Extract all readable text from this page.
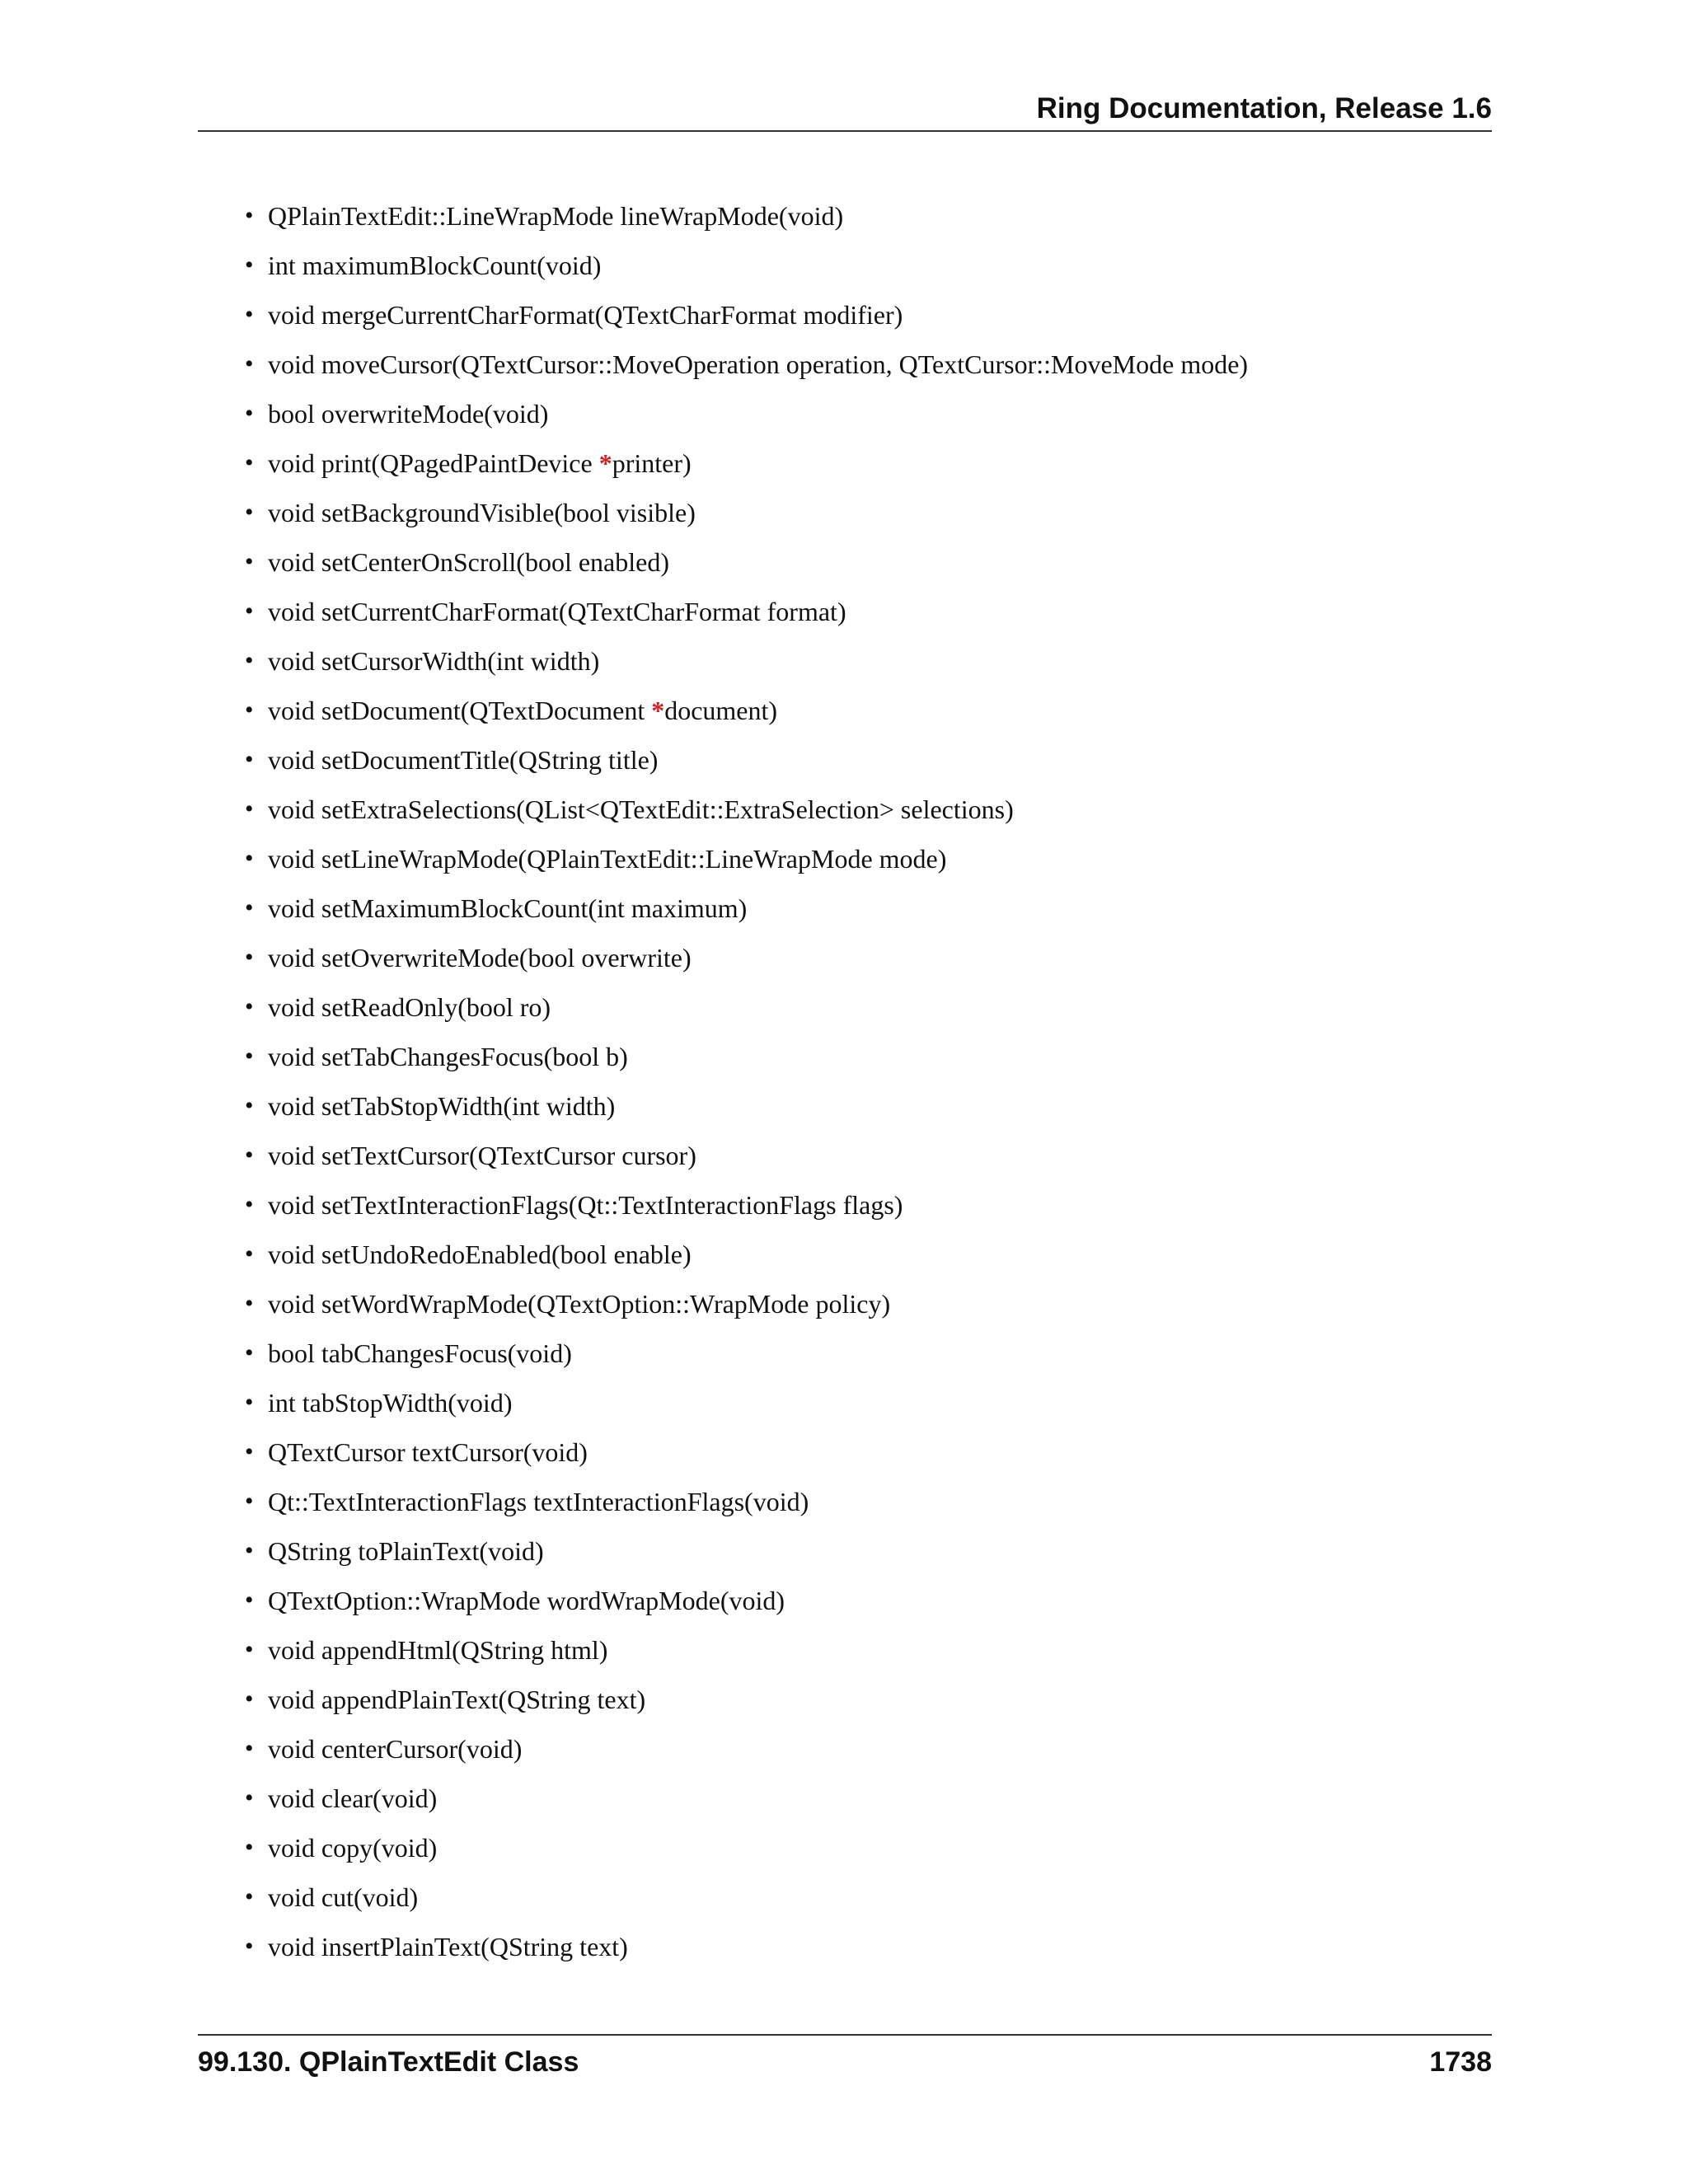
Ring Documentation, Release 1.6
• QPlainTextEdit::LineWrapMode lineWrapMode(void)
• int maximumBlockCount(void)
• void mergeCurrentCharFormat(QTextCharFormat modifier)
• void moveCursor(QTextCursor::MoveOperation operation, QTextCursor::MoveMode mode)
• bool overwriteMode(void)
• void print(QPagedPaintDevice *printer)
• void setBackgroundVisible(bool visible)
• void setCenterOnScroll(bool enabled)
• void setCurrentCharFormat(QTextCharFormat format)
• void setCursorWidth(int width)
• void setDocument(QTextDocument *document)
• void setDocumentTitle(QString title)
• void setExtraSelections(QList<QTextEdit::ExtraSelection> selections)
• void setLineWrapMode(QPlainTextEdit::LineWrapMode mode)
• void setMaximumBlockCount(int maximum)
• void setOverwriteMode(bool overwrite)
• void setReadOnly(bool ro)
• void setTabChangesFocus(bool b)
• void setTabStopWidth(int width)
• void setTextCursor(QTextCursor cursor)
• void setTextInteractionFlags(Qt::TextInteractionFlags flags)
• void setUndoRedoEnabled(bool enable)
• void setWordWrapMode(QTextOption::WrapMode policy)
• bool tabChangesFocus(void)
• int tabStopWidth(void)
• QTextCursor textCursor(void)
• Qt::TextInteractionFlags textInteractionFlags(void)
• QString toPlainText(void)
• QTextOption::WrapMode wordWrapMode(void)
• void appendHtml(QString html)
• void appendPlainText(QString text)
• void centerCursor(void)
• void clear(void)
• void copy(void)
• void cut(void)
• void insertPlainText(QString text)
99.130. QPlainTextEdit Class	1738
